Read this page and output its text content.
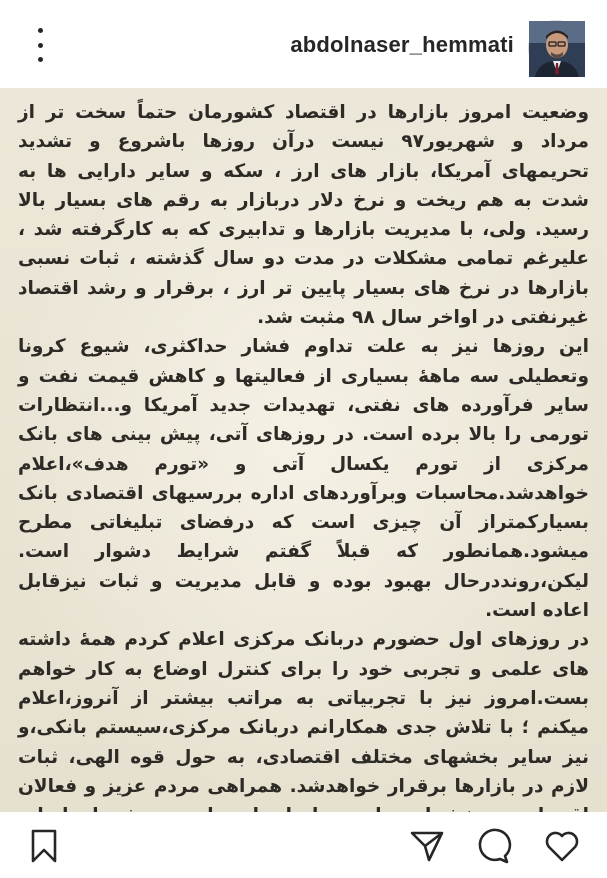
abdolnaser_hemmati

وضعیت امروز بازارها در اقتصاد کشورمان حتماً سخت تر از مرداد و شهریور۹۷ نیست درآن روزها باشروع و تشدید تحریمهای آمریکا، بازار های ارز ، سکه و سایر دارایی ها به شدت به هم ریخت و نرخ دلار دربازار به رقم های بسیار بالا رسید. ولی، با مدیریت بازارها و تدابیری که به کارگرفته شد ، علیرغم تمامی مشکلات در مدت دو سال گذشته ، ثبات نسبی بازارها در نرخ های بسیار پایین تر ارز ، برقرار و رشد اقتصاد غیرنفتی در اواخر سال ۹۸ مثبت شد.

این روزها نیز به علت تداوم فشار حداکثری، شیوع کرونا وتعطیلی سه ماههٔ بسیاری از فعالیتها و کاهش قیمت نفت و سایر فرآورده های نفتی، تهدیدات جدید آمریکا و...انتظارات تورمی را بالا برده است. در روزهای آتی، پیش بینی های بانک مرکزی از تورم یکسال آتی و «تورم هدف»،اعلام خواهدشد.محاسبات وبرآوردهای اداره بررسیهای اقتصادی بانک بسیارکمتراز آن چیزی است که درفضای تبلیغاتی مطرح میشود.همانطور که قبلاً گفتم شرایط دشوار است. لیکن،رونددرحال بهبود بوده و قابل مدیریت و ثبات نیزقابل اعاده است.

در روزهای اول حضورم دربانک مرکزی اعلام کردم همهٔ داشته های علمی و تجربی خود را برای کنترل اوضاع به کار خواهم بست.امروز نیز با تجربیاتی به مراتب بیشتر از آنروز،اعلام میکنم ؛ با تلاش جدی همکارانم دربانک مرکزی،سیستم بانکی،و نیز سایر بخشهای مختلف اقتصادی، به حول قوه الهی، ثبات لازم در بازارها برقرار خواهدشد. همراهی مردم عزیز و فعالان
